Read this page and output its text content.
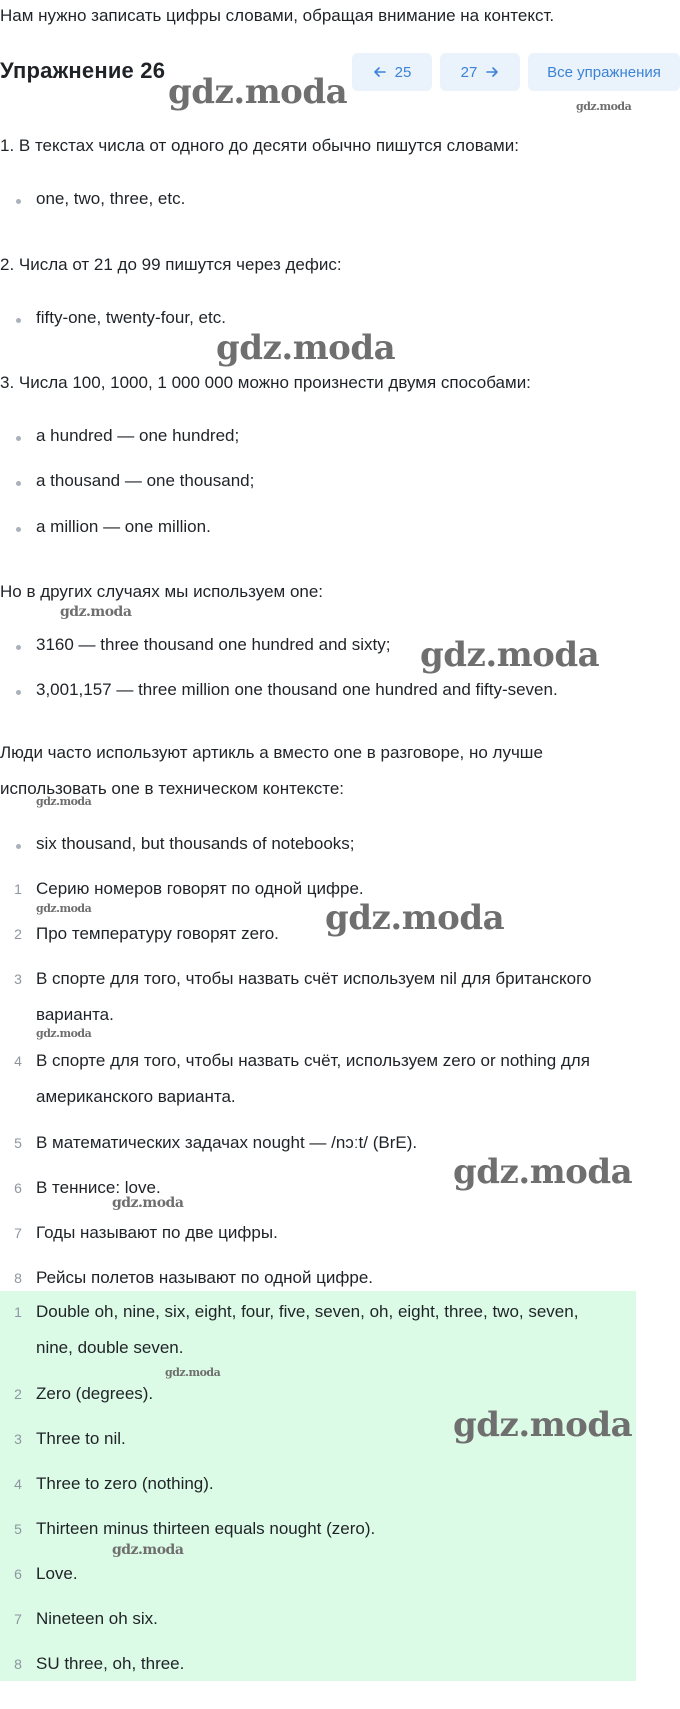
Нам нужно записать цифры словами, обращая внимание на контекст.
Упражнение 26	25	27	Все упражнения
1. В текстах числа от одного до десяти обычно пишутся словами:
one, two, three, etc.
2. Числа от 21 до 99 пишутся через дефис:
fifty-one, twenty-four, etc.
3. Числа 100, 1000, 1 000 000 можно произнести двумя способами:
a hundred — one hundred;
a thousand — one thousand;
a million — one million.
Но в других случаях мы используем one:
3160 — three thousand one hundred and sixty;
3,001,157 — three million one thousand one hundred and fifty-seven.
Люди часто используют артикль a вместо one в разговоре, но лучше
использовать one в техническом контексте:
six thousand, but thousands of notebooks;
1 Серию номеров говорят по одной цифре.
2 Про температуру говорят zero.
3 В спорте для того, чтобы назвать счёт используем nil для британского
варианта.
4 В спорте для того, чтобы назвать счёт, используем zero or nothing для
американского варианта.
5 В математических задачах nought — /nɔːt/ (BrE).
6 В теннисе: love.
7 Годы называют по две цифры.
8 Рейсы полетов называют по одной цифре.
1 Double oh, nine, six, eight, four, five, seven, oh, eight, three, two, seven,
nine, double seven.
2 Zero (degrees).
3 Three to nil.
4 Three to zero (nothing).
5 Thirteen minus thirteen equals nought (zero).
6 Love.
7 Nineteen oh six.
8 SU three, oh, three.
gdz.moda	gdz.moda
gdz.moda
gdz.moda
gdz.moda
gdz.moda
gdz.moda	gdz.moda
gdz.moda
gdz.moda
gdz.moda
gdz.moda
gdz.moda
gdz.moda
